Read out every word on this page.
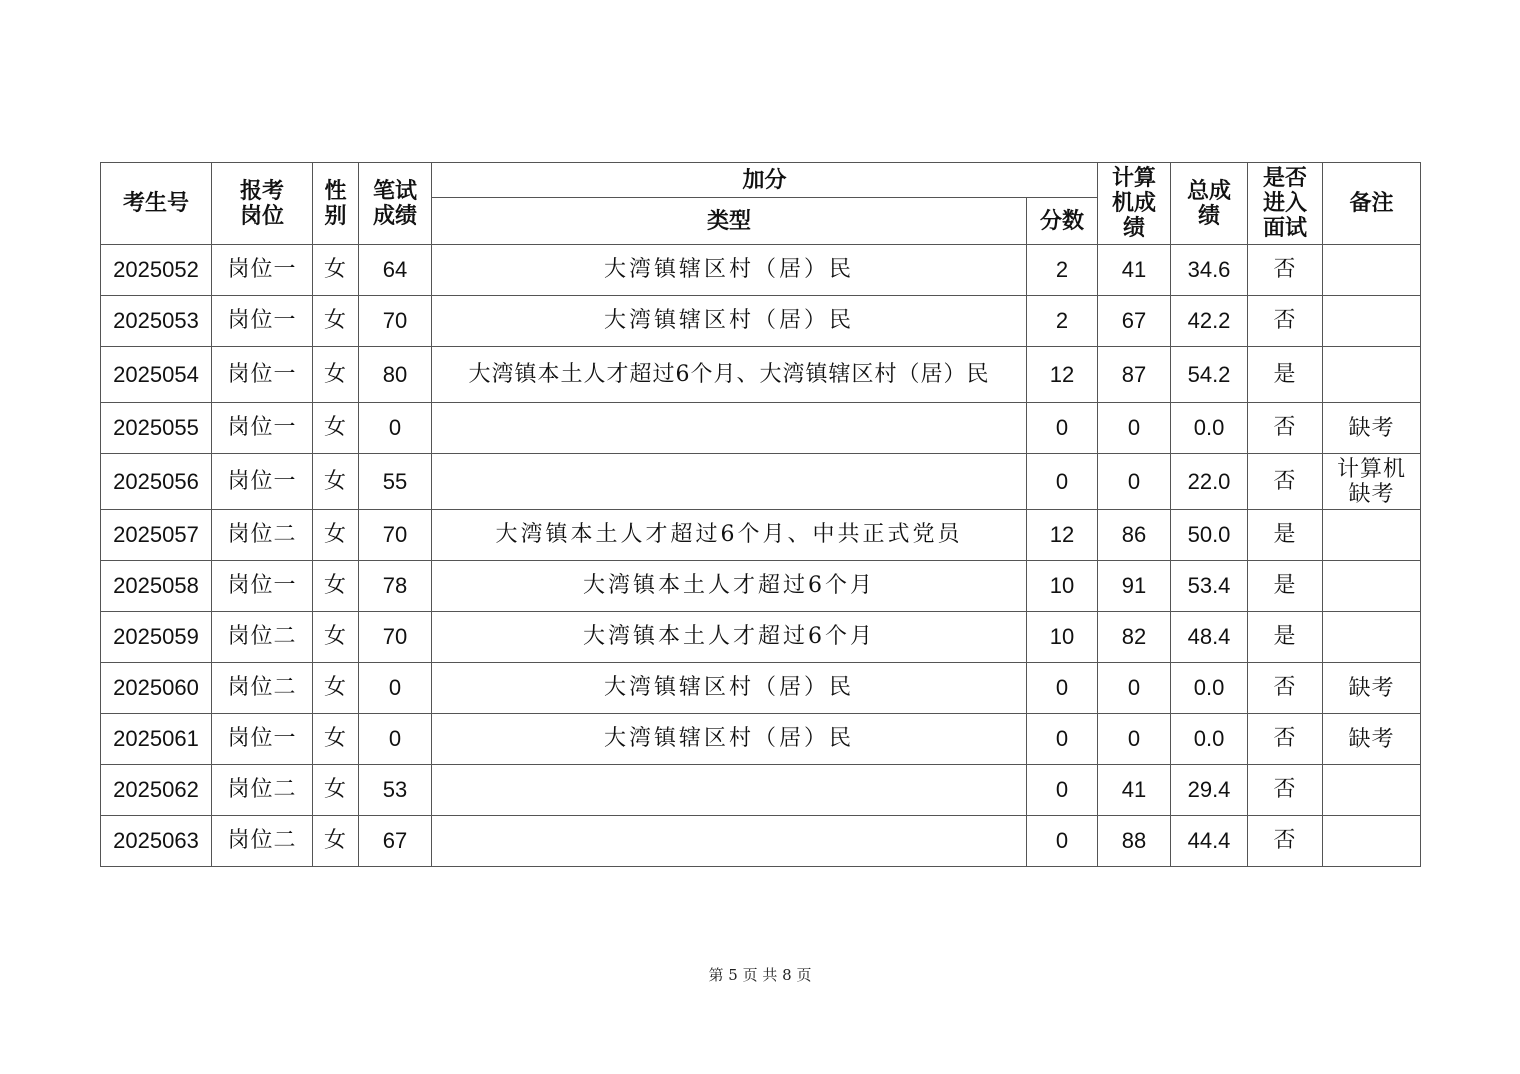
考生号	报考岗位	性别	笔试成绩	加分		计算机成绩	总成绩	是否进入面试	备注
				类型	分数				
2025052	岗位一	女	64	大湾镇辖区村（居）民	2	41	34.6	否	
2025053	岗位一	女	70	大湾镇辖区村（居）民	2	67	42.2	否	
2025054	岗位一	女	80	大湾镇本土人才超过6个月、大湾镇辖区村（居）民	12	87	54.2	是	
2025055	岗位一	女	0		0	0	0.0	否	缺考
2025056	岗位一	女	55		0	0	22.0	否	计算机缺考
2025057	岗位二	女	70	大湾镇本土人才超过6个月、中共正式党员	12	86	50.0	是	
2025058	岗位一	女	78	大湾镇本土人才超过6个月	10	91	53.4	是	
2025059	岗位二	女	70	大湾镇本土人才超过6个月	10	82	48.4	是	
2025060	岗位二	女	0	大湾镇辖区村（居）民	0	0	0.0	否	缺考
2025061	岗位一	女	0	大湾镇辖区村（居）民	0	0	0.0	否	缺考
2025062	岗位二	女	53		0	41	29.4	否	
2025063	岗位二	女	67		0	88	44.4	否	
第 5 页 共 8 页
